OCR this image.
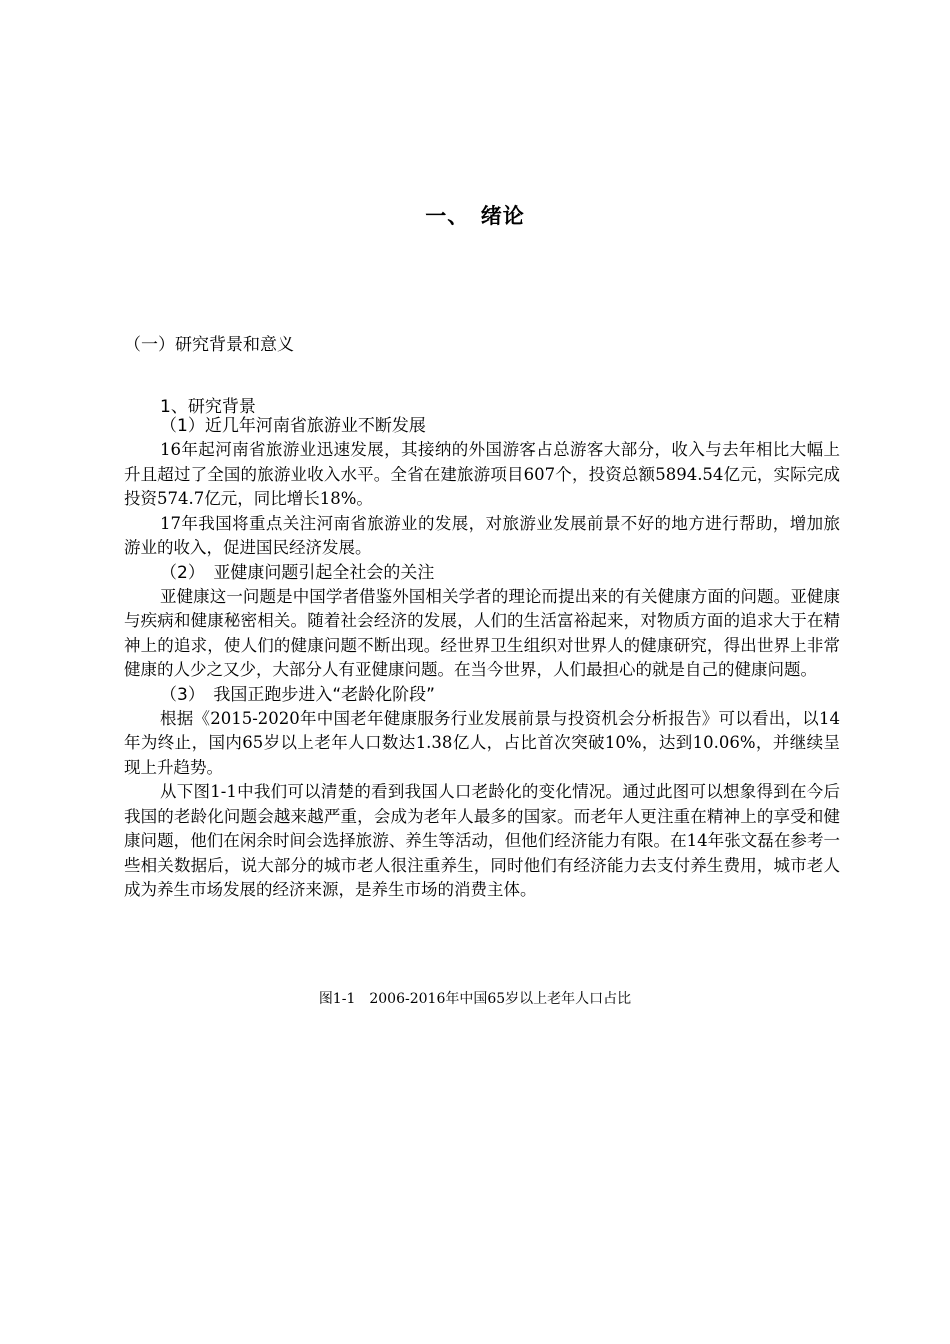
一、　绪论
（一）研究背景和意义
1、研究背景
（1）近几年河南省旅游业不断发展

16年起河南省旅游业迅速发展，其接纳的外国游客占总游客大部分，收入与去年相比大幅上升且超过了全国的旅游业收入水平。全省在建旅游项目607个，投资总额5894.54亿元，实际完成投资574.7亿元，同比增长18%。

17年我国将重点关注河南省旅游业的发展，对旅游业发展前景不好的地方进行帮助，增加旅游业的收入，促进国民经济发展。

（2）　亚健康问题引起全社会的关注

亚健康这一问题是中国学者借鉴外国相关学者的理论而提出来的有关健康方面的问题。亚健康与疾病和健康秘密相关。随着社会经济的发展，人们的生活富裕起来，对物质方面的追求大于在精神上的追求，使人们的健康问题不断出现。经世界卫生组织对世界人的健康研究，得出世界上非常健康的人少之又少，大部分人有亚健康问题。在当今世界，人们最担心的就是自己的健康问题。

（3）　我国正跑步进入“老龄化阶段”

根据《2015-2020年中国老年健康服务行业发展前景与投资机会分析报告》可以看出，以14年为终止，国内65岁以上老年人口数达1.38亿人，占比首次突破10%，达到10.06%，并继续呈现上升趋势。

从下图1-1中我们可以清楚的看到我国人口老龄化的变化情况。通过此图可以想象得到在今后我国的老龄化问题会越来越严重，会成为老年人最多的国家。而老年人更注重在精神上的享受和健康问题，他们在闲余时间会选择旅游、养生等活动，但他们经济能力有限。在14年张文磊在参考一些相关数据后，说大部分的城市老人很注重养生，同时他们有经济能力去支付养生费用，城市老人成为养生市场发展的经济来源，是养生市场的消费主体。

图1-1　2006-2016年中国65岁以上老年人口占比
